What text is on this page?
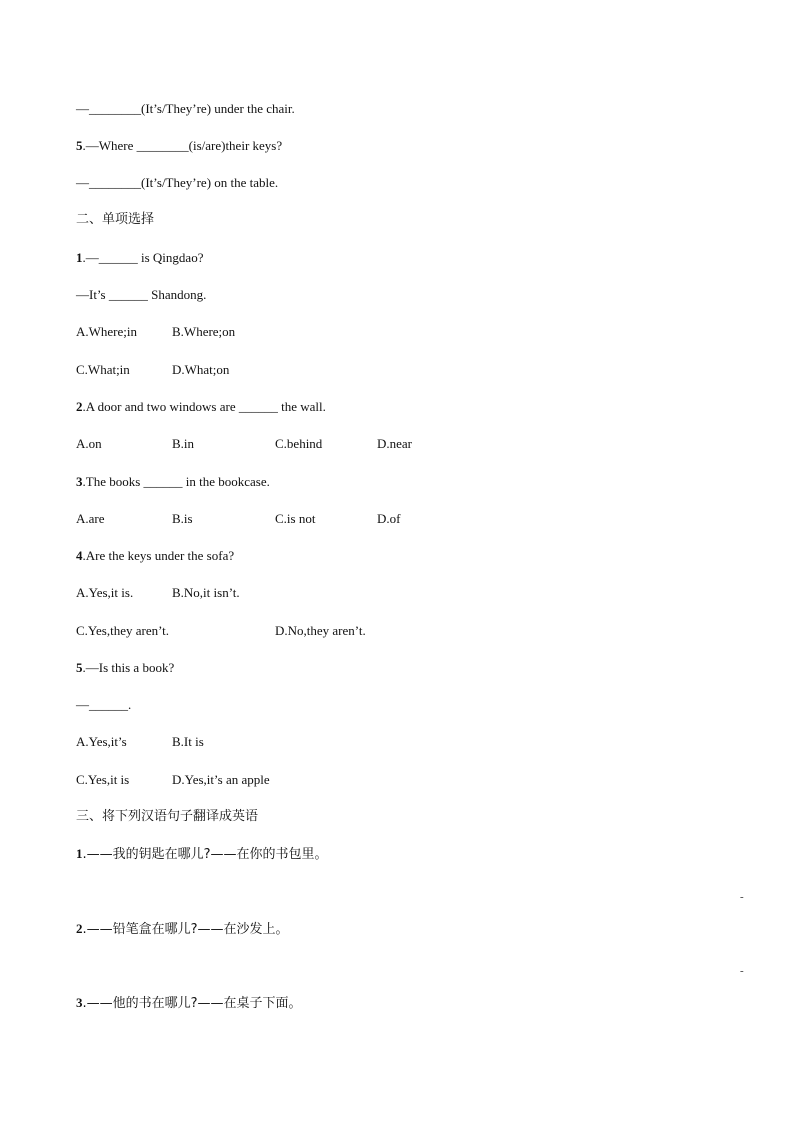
—________(It’s/They’re) under the chair.
5.—Where ________(is/are)their keys?
—________(It’s/They’re) on the table.
二、单项选择
1.—______ is Qingdao?
—It’s ______ Shandong.
A.Where;in	B.Where;on
C.What;in	D.What;on
2.A door and two windows are ______ the wall.
A.on	B.in	C.behind	D.near
3.The books ______ in the bookcase.
A.are	B.is	C.is not	D.of
4.Are the keys under the sofa?
A.Yes,it is.	B.No,it isn’t.
C.Yes,they aren’t.	D.No,they aren’t.
5.—Is this a book?
—______.
A.Yes,it’s	B.It is
C.Yes,it is	D.Yes,it’s an apple
三、将下列汉语句子翻译成英语
1.——我的钥匙在哪儿?——在你的书包里。
-
2.——铅笔盒在哪儿?——在沙发上。
-
3.——他的书在哪儿?——在桌子下面。
